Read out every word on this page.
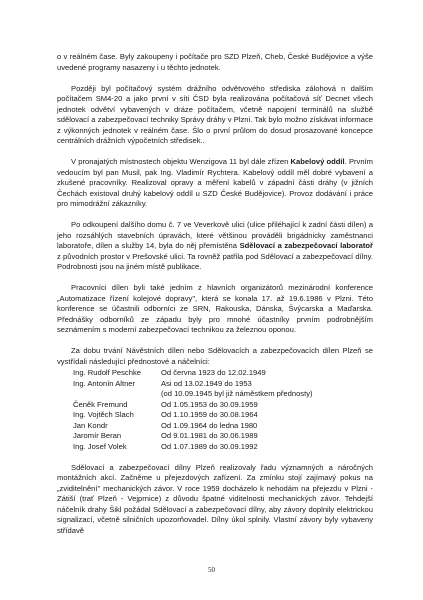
o v reálném čase. Byly zakoupeny i počítače pro SZD Plzeň, Cheb, České Budějovice a výše uvedené programy nasazeny i u těchto jednotek.

Později byl počítačový systém drážního odvětvového střediska zálohová n dalším počítačem SM4-20 a jako první v síti ČSD byla realizována počítačová síť Decnet všech jednotek odvětví vybavených v dráze počítačem, včetně napojení terminálů na službě sdělovací a zabezpečovací techniky Správy dráhy v Plzni. Tak bylo možno získávat informace z výkonných jednotek v reálném čase. Šlo o první průlom do dosud prosazované koncepce centrálních drážních výpočetních středisek..

V pronajatých místnostech objektu Wenzigova 11 byl dále zřízen Kabelový oddíl. Prvním vedoucím byl pan Musil, pak Ing. Vladimír Rychtera. Kabelový oddíl měl dobré vybavení a zkušené pracovníky. Realizoval opravy a měření kabelů v západní části dráhy (v jižních Čechách existoval druhý kabelový oddíl u SZD České Budějovice). Provoz dodávání i práce pro mimodrážní zákazníky.

Po odkoupení dalšího domu č. 7 ve Veverkově ulici (ulice přiléhající k zadní části dílen) a jeho rozsáhlých stavebních úpravách, které většinou prováděli brigádnicky zaměstnanci laboratoře, dílen a služby 14, byla do něj přemístěna Sdělovací a zabezpečovací laboratoř z původních prostor v Prešovské ulici. Ta rovněž patřila pod Sdělovací a zabezpečovací dílny. Podrobnosti jsou na jiném místě publikace.

Pracovníci dílen byli také jedním z hlavních organizátorů mezinárodní konference „Automatizace řízení kolejové dopravy", která se konala 17. až 19.6.1986 v Plzni. Této konference se účastnili odborníci ze SRN, Rakouska, Dánska, Švýcarska a Maďarska. Přednášky odborníků ze západu byly pro mnohé účastníky prvním podrobnějším seznámením s moderní zabezpečovací technikou za železnou oponou.

Za dobu trvání Návěstních dílen nebo Sdělovacích a zabezpečovacích dílen Plzeň se vystřídali následující přednostové a náčelníci:

Ing. Rudolf Peschke	Od června 1923 do 12.02.1949
Ing. Antonín Altner	Asi od 13.02.1949 do 1953
	(od 10.09.1945 byl již náměstkem přednosty)
Čeněk Fremund	Od 1.05.1953 do 30.09.1959
Ing. Vojtěch Slach	Od 1.10.1959 do 30.08.1964
Jan Kondr	Od 1.09.1964 do ledna 1980
Jaromír Beran	Od 9.01.1981 do 30.06.1989
Ing. Josef Volek	Od 1.07.1989 do 30.09.1992

Sdělovací a zabezpečovací dílny Plzeň realizovaly řadu významných a náročných montážních akcí. Začněme u přejezdových zařízení. Za zmínku stojí zajímavý pokus na „zviditelnění" mechanických závor. V roce 1959 docházelo k nehodám na přejezdu v Plzni - Zátiší (trať Plzeň - Vejprnice) z důvodu špatné viditelnosti mechanických závor. Tehdejší náčelník drahy Šikl požádal Sdělovací a zabezpečovací dílny, aby závory doplnily elektrickou signalizací, včetně silničních upozorňovadel. Dílny úkol splnily. Vlastní závory byly vybaveny střídavě

50
